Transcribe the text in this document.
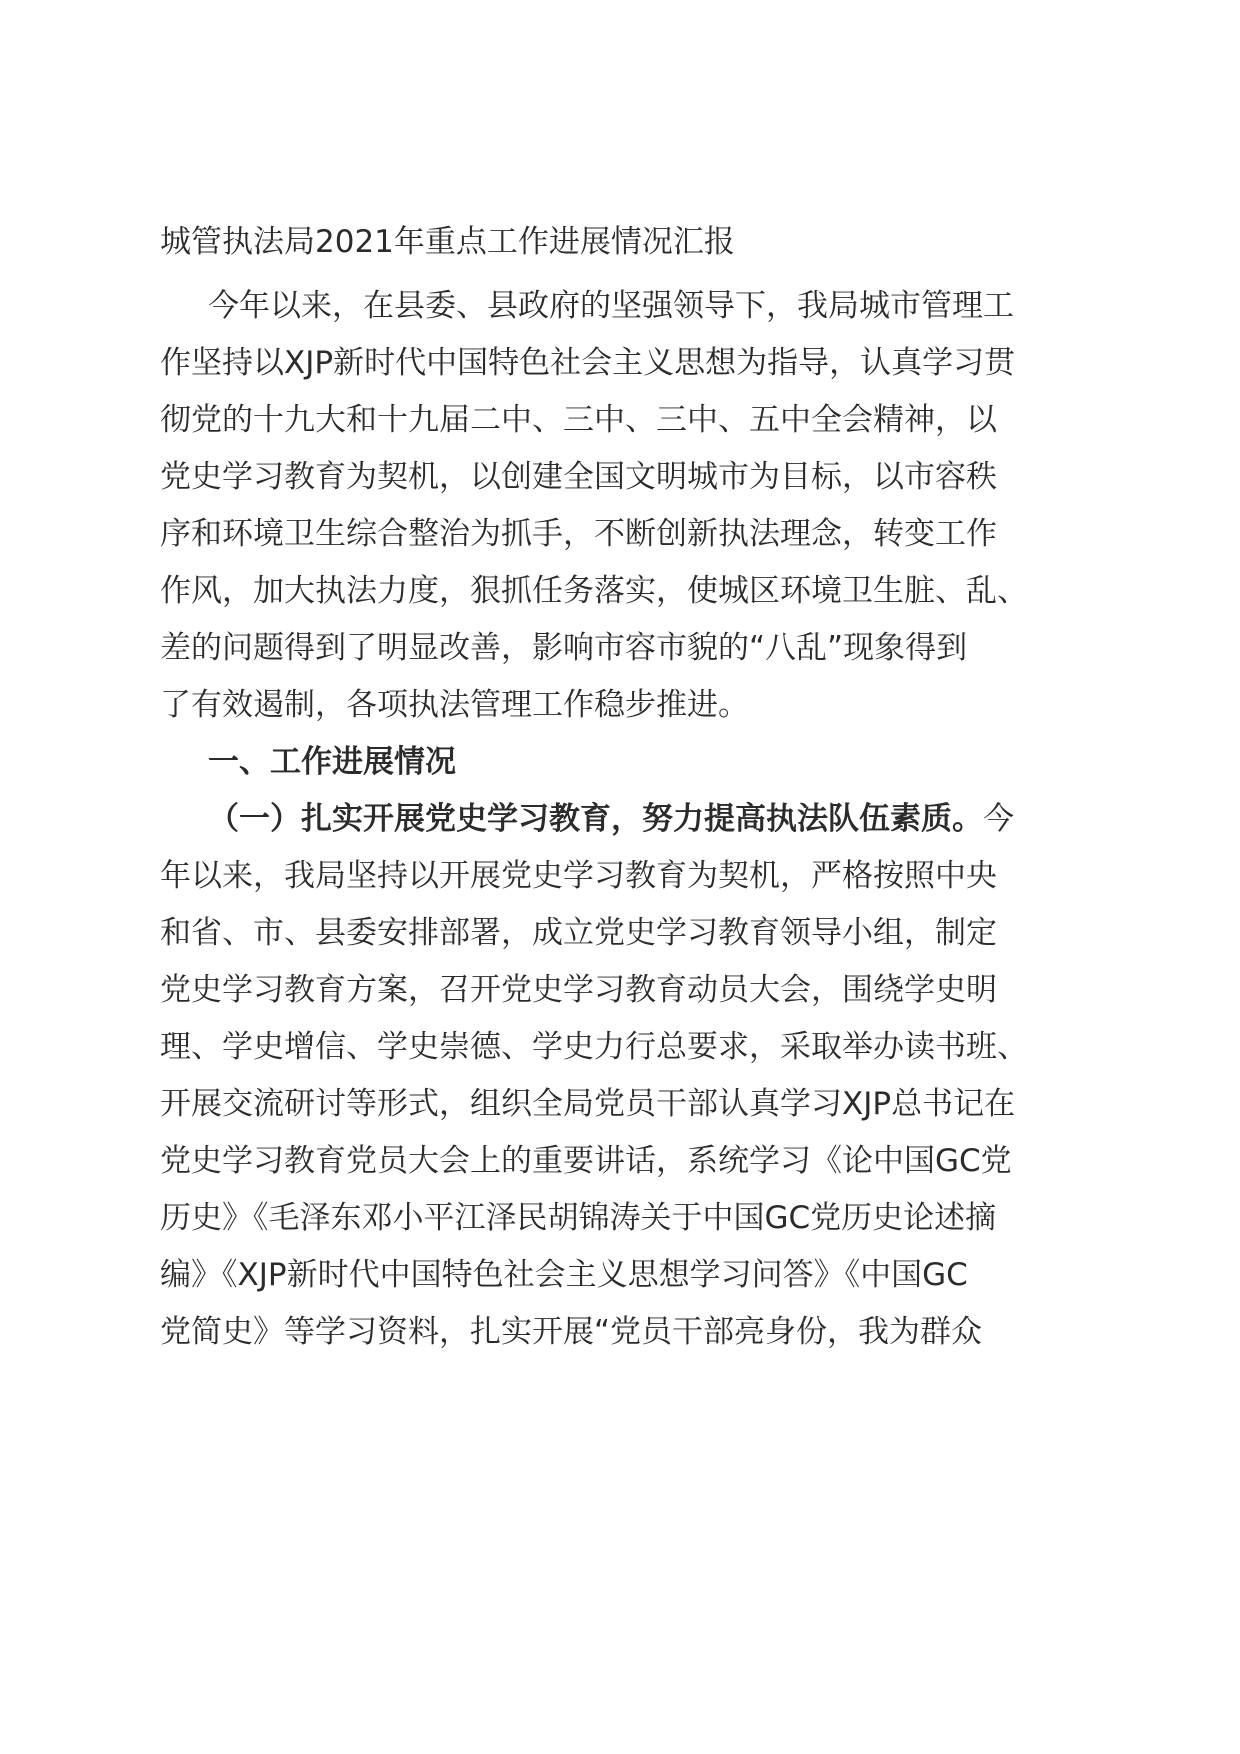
城管执法局2021年重点工作进展情况汇报
今年以来，在县委、县政府的坚强领导下，我局城市管理工
作坚持以XJP新时代中国特色社会主义思想为指导，认真学习贯
彻党的十九大和十九届二中、三中、三中、五中全会精神，以
党史学习教育为契机，以创建全国文明城市为目标，以市容秩
序和环境卫生综合整治为抓手，不断创新执法理念，转变工作
作风，加大执法力度，狠抓任务落实，使城区环境卫生脏、乱、
差的问题得到了明显改善，影响市容市貌的“八乱”现象得到
了有效遏制，各项执法管理工作稳步推进。
一、工作进展情况
（一）扎实开展党史学习教育，努力提高执法队伍素质。今
年以来，我局坚持以开展党史学习教育为契机，严格按照中央
和省、市、县委安排部署，成立党史学习教育领导小组，制定
党史学习教育方案，召开党史学习教育动员大会，围绕学史明
理、学史增信、学史崇德、学史力行总要求，采取举办读书班、
开展交流研讨等形式，组织全局党员干部认真学习XJP总书记在
党史学习教育党员大会上的重要讲话，系统学习《论中国GC党
历史》《毛泽东邓小平江泽民胡锦涛关于中国GC党历史论述摘
编》《XJP新时代中国特色社会主义思想学习问答》《中国GC
党简史》等学习资料，扎实开展“党员干部亮身份，我为群众
